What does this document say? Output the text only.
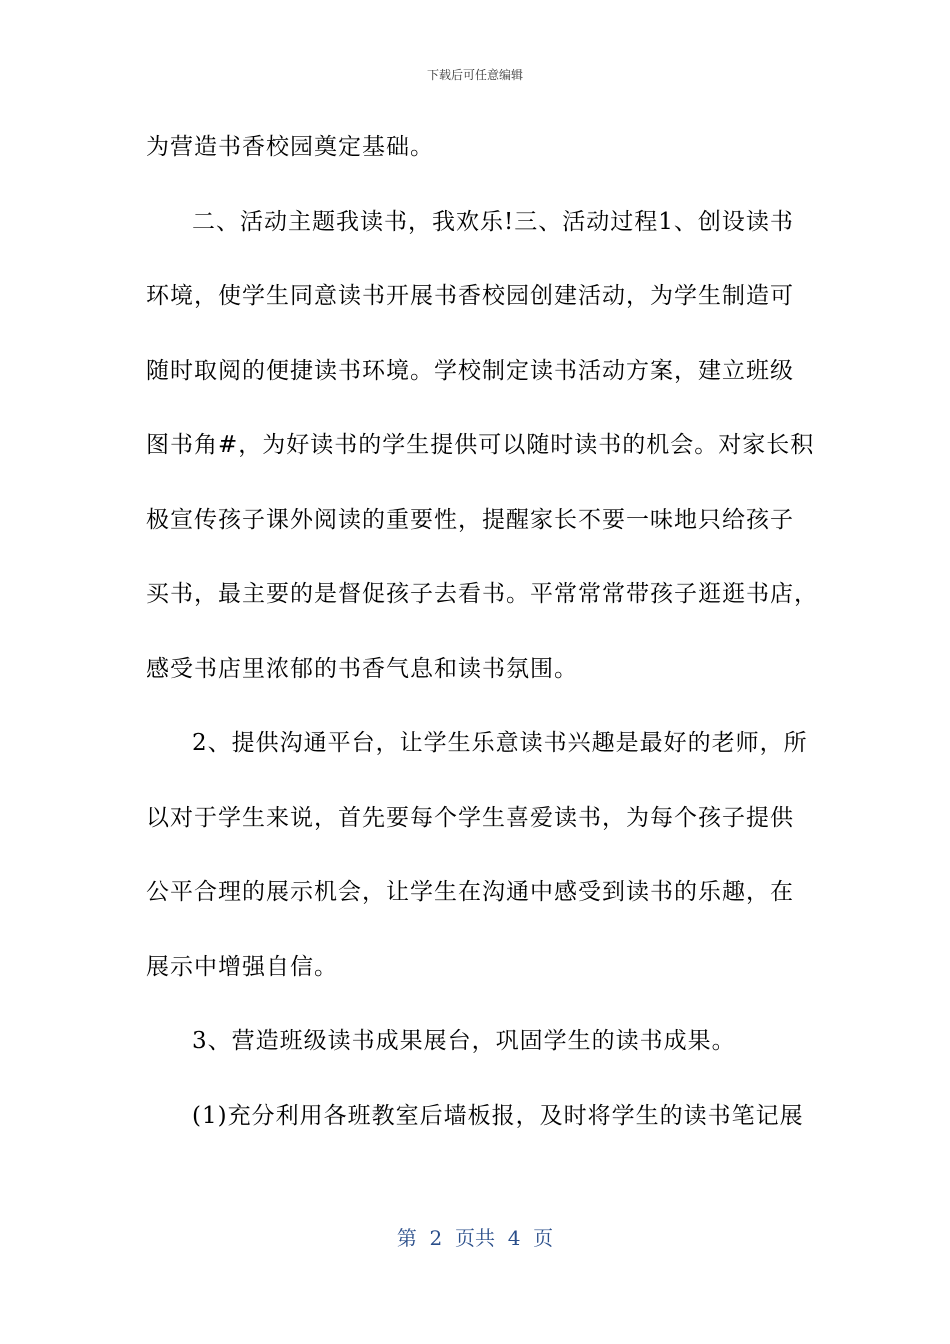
下载后可任意编辑
为营造书香校园奠定基础。
二、活动主题我读书，我欢乐!三、活动过程1、创设读书
环境，使学生同意读书开展书香校园创建活动，为学生制造可
随时取阅的便捷读书环境。学校制定读书活动方案，建立班级
图书角#，为好读书的学生提供可以随时读书的机会。对家长积
极宣传孩子课外阅读的重要性，提醒家长不要一味地只给孩子
买书，最主要的是督促孩子去看书。平常常常带孩子逛逛书店，
感受书店里浓郁的书香气息和读书氛围。
2、提供沟通平台，让学生乐意读书兴趣是最好的老师，所
以对于学生来说，首先要每个学生喜爱读书，为每个孩子提供
公平合理的展示机会，让学生在沟通中感受到读书的乐趣，在
展示中增强自信。
3、营造班级读书成果展台，巩固学生的读书成果。
(1)充分利用各班教室后墙板报，及时将学生的读书笔记展
第  2  页共  4  页
